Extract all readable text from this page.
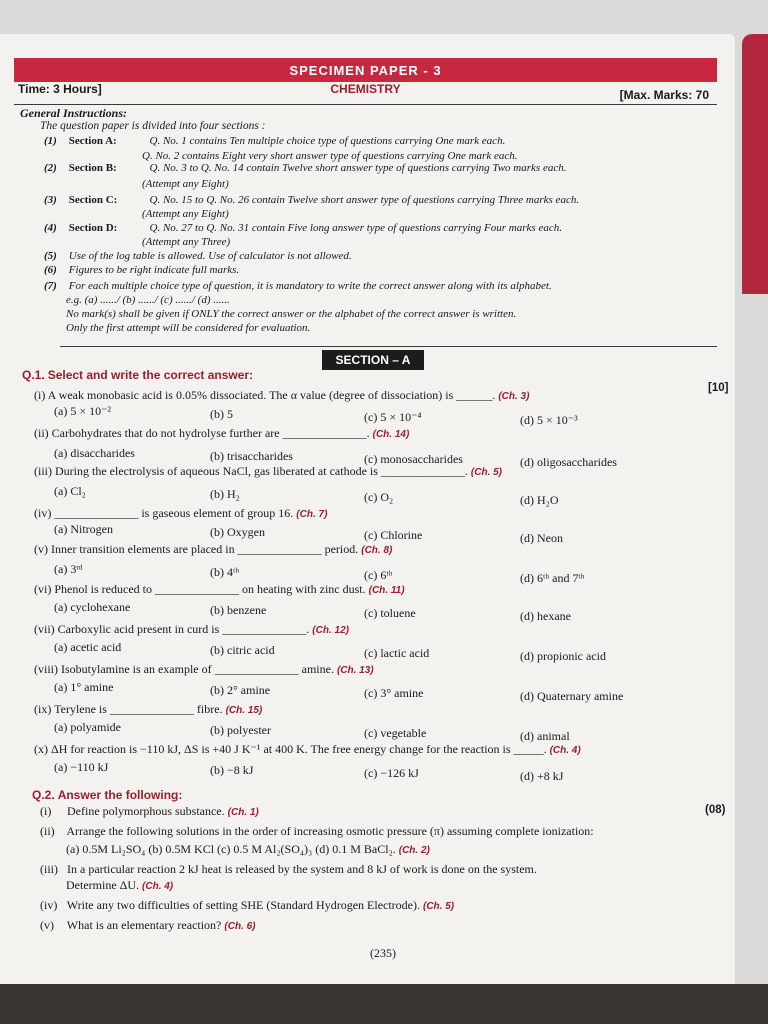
SPECIMEN PAPER - 3
Time: 3 Hours]	CHEMISTRY	[Max. Marks: 70
General Instructions:
The question paper is divided into four sections :
(1) Section A:	Q. No. 1 contains Ten multiple choice type of questions carrying One mark each.
Q. No. 2 contains Eight very short answer type of questions carrying One mark each.
(2) Section B:	Q. No. 3 to Q. No. 14 contain Twelve short answer type of questions carrying Two marks each.
(Attempt any Eight)
(3) Section C:	Q. No. 15 to Q. No. 26 contain Twelve short answer type of questions carrying Three marks each.
(Attempt any Eight)
(4) Section D:	Q. No. 27 to Q. No. 31 contain Five long answer type of questions carrying Four marks each.
(Attempt any Three)
(5) Use of the log table is allowed. Use of calculator is not allowed.
(6) Figures to be right indicate full marks.
(7) For each multiple choice type of question, it is mandatory to write the correct answer along with its alphabet.
e.g. (a) ....../ (b) ....../ (c) ....../ (d) ......
No mark(s) shall be given if ONLY the correct answer or the alphabet of the correct answer is written.
Only the first attempt will be considered for evaluation.
SECTION – A
Q.1. Select and write the correct answer:
[10]
(i) A weak monobasic acid is 0.05% dissociated. The α value (degree of dissociation) is ______. (Ch. 3)
(a) 5 × 10⁻²	(b) 5	(c) 5 × 10⁻⁴	(d) 5 × 10⁻³
(ii) Carbohydrates that do not hydrolyse further are ______________. (Ch. 14)
(a) disaccharides	(b) trisaccharides	(c) monosaccharides	(d) oligosaccharides
(iii) During the electrolysis of aqueous NaCl, gas liberated at cathode is ______________. (Ch. 5)
(a) Cl₂	(b) H₂	(c) O₂	(d) H₂O
(iv) ______________ is gaseous element of group 16. (Ch. 7)
(a) Nitrogen	(b) Oxygen	(c) Chlorine	(d) Neon
(v) Inner transition elements are placed in ______________ period. (Ch. 8)
(a) 3ʳᵈ	(b) 4ᵗʰ	(c) 6ᵗʰ	(d) 6ᵗʰ and 7ᵗʰ
(vi) Phenol is reduced to ______________ on heating with zinc dust. (Ch. 11)
(a) cyclohexane	(b) benzene	(c) toluene	(d) hexane
(vii) Carboxylic acid present in curd is ______________. (Ch. 12)
(a) acetic acid	(b) citric acid	(c) lactic acid	(d) propionic acid
(viii) Isobutylamine is an example of ______________ amine. (Ch. 13)
(a) 1° amine	(b) 2° amine	(c) 3° amine	(d) Quaternary amine
(ix) Terylene is ______________ fibre. (Ch. 15)
(a) polyamide	(b) polyester	(c) vegetable	(d) animal
(x) ΔH for reaction is −110 kJ, ΔS is +40 J K⁻¹ at 400 K. The free energy change for the reaction is _____. (Ch. 4)
(a) −110 kJ	(b) −8 kJ	(c) −126 kJ	(d) +8 kJ
Q.2. Answer the following:
(08)
(i) Define polymorphous substance. (Ch. 1)
(ii) Arrange the following solutions in the order of increasing osmotic pressure (π) assuming complete ionization:
(a) 0.5M Li₂SO₄ (b) 0.5M KCl (c) 0.5 M Al₂(SO₄)₃ (d) 0.1 M BaCl₂. (Ch. 2)
(iii) In a particular reaction 2 kJ heat is released by the system and 8 kJ of work is done on the system.
Determine ΔU. (Ch. 4)
(iv) Write any two difficulties of setting SHE (Standard Hydrogen Electrode). (Ch. 5)
(v) What is an elementary reaction? (Ch. 6)
(235)
